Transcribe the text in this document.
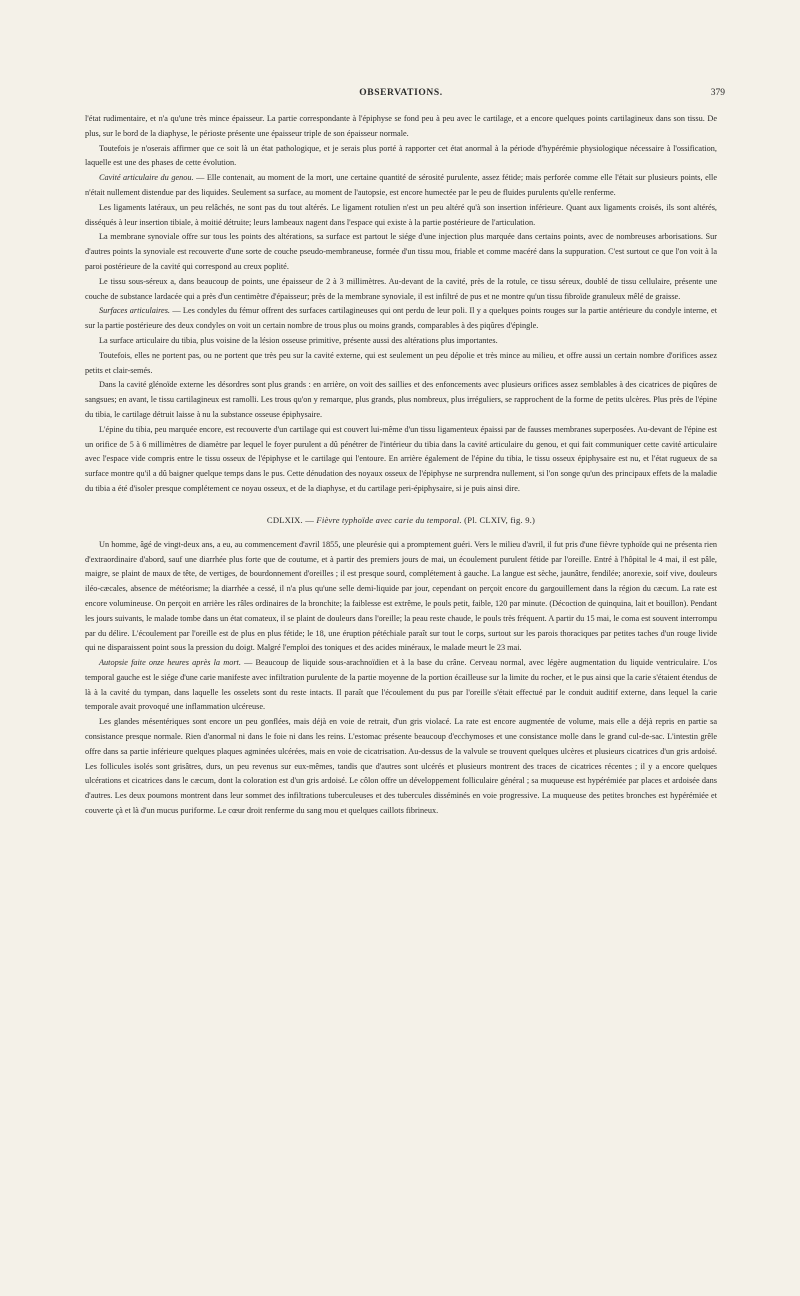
OBSERVATIONS.	379

l'état rudimentaire, et n'a qu'une très mince épaisseur. La partie correspondante à l'épiphyse se fond peu à peu avec le cartilage, et a encore quelques points cartilagineux dans son tissu. De plus, sur le bord de la diaphyse, le périoste présente une épaisseur triple de son épaisseur normale.

Toutefois je n'oserais affirmer que ce soit là un état pathologique, et je serais plus porté à rapporter cet état anormal à la période d'hypérémie physiologique nécessaire à l'ossification, laquelle est une des phases de cette évolution.

Cavité articulaire du genou. — Elle contenait, au moment de la mort, une certaine quantité de sérosité purulente, assez fétide; mais perforée comme elle l'était sur plusieurs points, elle n'était nullement distendue par des liquides. Seulement sa surface, au moment de l'autopsie, est encore humectée par le peu de fluides purulents qu'elle renferme.

Les ligaments latéraux, un peu relâchés, ne sont pas du tout altérés. Le ligament rotulien n'est un peu altéré qu'à son insertion inférieure. Quant aux ligaments croisés, ils sont altérés, disséqués à leur insertion tibiale, à moitié détruite; leurs lambeaux nagent dans l'espace qui existe à la partie postérieure de l'articulation.

La membrane synoviale offre sur tous les points des altérations, sa surface est partout le siége d'une injection plus marquée dans certains points, avec de nombreuses arborisations. Sur d'autres points la synoviale est recouverte d'une sorte de couche pseudo-membraneuse, formée d'un tissu mou, friable et comme macéré dans la suppuration. C'est surtout ce que l'on voit à la paroi postérieure de la cavité qui correspond au creux poplité.

Le tissu sous-séreux a, dans beaucoup de points, une épaisseur de 2 à 3 millimètres. Au-devant de la cavité, près de la rotule, ce tissu séreux, doublé de tissu cellulaire, présente une couche de substance lardacée qui a près d'un centimètre d'épaisseur; près de la membrane synoviale, il est infiltré de pus et ne montre qu'un tissu fibroïde granuleux mêlé de graisse.

Surfaces articulaires. — Les condyles du fémur offrent des surfaces cartilagineuses qui ont perdu de leur poli. Il y a quelques points rouges sur la partie antérieure du condyle interne, et sur la partie postérieure des deux condyles on voit un certain nombre de trous plus ou moins grands, comparables à des piqûres d'épingle.

La surface articulaire du tibia, plus voisine de la lésion osseuse primitive, présente aussi des altérations plus importantes.

Toutefois, elles ne portent pas, ou ne portent que très peu sur la cavité externe, qui est seulement un peu dépolie et très mince au milieu, et offre aussi un certain nombre d'orifices assez petits et clair-semés.

Dans la cavité glénoïde externe les désordres sont plus grands : en arrière, on voit des saillies et des enfoncements avec plusieurs orifices assez semblables à des cicatrices de piqûres de sangsues; en avant, le tissu cartilagineux est ramolli. Les trous qu'on y remarque, plus grands, plus nombreux, plus irréguliers, se rapprochent de la forme de petits ulcères. Plus près de l'épine du tibia, le cartilage détruit laisse à nu la substance osseuse épiphysaire.

L'épine du tibia, peu marquée encore, est recouverte d'un cartilage qui est couvert lui-même d'un tissu ligamenteux épaissi par de fausses membranes superposées. Au-devant de l'épine est un orifice de 5 à 6 millimètres de diamètre par lequel le foyer purulent a dû pénétrer de l'intérieur du tibia dans la cavité articulaire du genou, et qui fait communiquer cette cavité articulaire avec l'espace vide compris entre le tissu osseux de l'épiphyse et le cartilage qui l'entoure. En arrière également de l'épine du tibia, le tissu osseux épiphysaire est nu, et l'état rugueux de sa surface montre qu'il a dû baigner quelque temps dans le pus. Cette dénudation des noyaux osseux de l'épiphyse ne surprendra nullement, si l'on songe qu'un des principaux effets de la maladie du tibia a été d'isoler presque complétement ce noyau osseux, et de la diaphyse, et du cartilage peri-épiphysaire, si je puis ainsi dire.

CDLXIX. — Fièvre typhoïde avec carie du temporal. (Pl. CLXIV, fig. 9.)

Un homme, âgé de vingt-deux ans, a eu, au commencement d'avril 1855, une pleurésie qui a promptement guéri. Vers le milieu d'avril, il fut pris d'une fièvre typhoïde qui ne présenta rien d'extraordinaire d'abord, sauf une diarrhée plus forte que de coutume, et à partir des premiers jours de mai, un écoulement purulent fétide par l'oreille. Entré à l'hôpital le 4 mai, il est pâle, maigre, se plaint de maux de tête, de vertiges, de bourdonnement d'oreilles ; il est presque sourd, complétement à gauche. La langue est sèche, jaunâtre, fendilée; anorexie, soif vive, douleurs iléo-cæcales, absence de météorisme; la diarrhée a cessé, il n'a plus qu'une selle demi-liquide par jour, cependant on perçoit encore du gargouillement dans la région du cæcum. La rate est encore volumineuse. On perçoit en arrière les râles ordinaires de la bronchite; la faiblesse est extrême, le pouls petit, faible, 120 par minute. (Décoction de quinquina, lait et bouillon). Pendant les jours suivants, le malade tombe dans un état comateux, il se plaint de douleurs dans l'oreille; la peau reste chaude, le pouls très fréquent. A partir du 15 mai, le coma est souvent interrompu par du délire. L'écoulement par l'oreille est de plus en plus fétide; le 18, une éruption pétéchiale paraît sur tout le corps, surtout sur les parois thoraciques par petites taches d'un rouge livide qui ne disparaissent point sous la pression du doigt. Malgré l'emploi des toniques et des acides minéraux, le malade meurt le 23 mai.

Autopsie faite onze heures après la mort. — Beaucoup de liquide sous-arachnoïdien et à la base du crâne. Cerveau normal, avec légère augmentation du liquide ventriculaire. L'os temporal gauche est le siége d'une carie manifeste avec infiltration purulente de la partie moyenne de la portion écailleuse sur la limite du rocher, et le pus ainsi que la carie s'étaient étendus de là à la cavité du tympan, dans laquelle les osselets sont du reste intacts. Il paraît que l'écoulement du pus par l'oreille s'était effectué par le conduit auditif externe, dans lequel la carie temporale avait provoqué une inflammation ulcéreuse.

Les glandes mésentériques sont encore un peu gonflées, mais déjà en voie de retrait, d'un gris violacé. La rate est encore augmentée de volume, mais elle a déjà repris en partie sa consistance presque normale. Rien d'anormal ni dans le foie ni dans les reins. L'estomac présente beaucoup d'ecchymoses et une consistance molle dans le grand cul-de-sac. L'intestin grêle offre dans sa partie inférieure quelques plaques agminées ulcérées, mais en voie de cicatrisation. Au-dessus de la valvule se trouvent quelques ulcères et plusieurs cicatrices d'un gris ardoisé. Les follicules isolés sont grisâtres, durs, un peu revenus sur eux-mêmes, tandis que d'autres sont ulcérés et plusieurs montrent des traces de cicatrices récentes ; il y a encore quelques ulcérations et cicatrices dans le cæcum, dont la coloration est d'un gris ardoisé. Le côlon offre un développement folliculaire général ; sa muqueuse est hypérémiée par places et ardoisée dans d'autres. Les deux poumons montrent dans leur sommet des infiltrations tuberculeuses et des tubercules disséminés en voie progressive. La muqueuse des petites bronches est hypérémiée et couverte çà et là d'un mucus puriforme. Le cœur droit renferme du sang mou et quelques caillots fibrineux.
